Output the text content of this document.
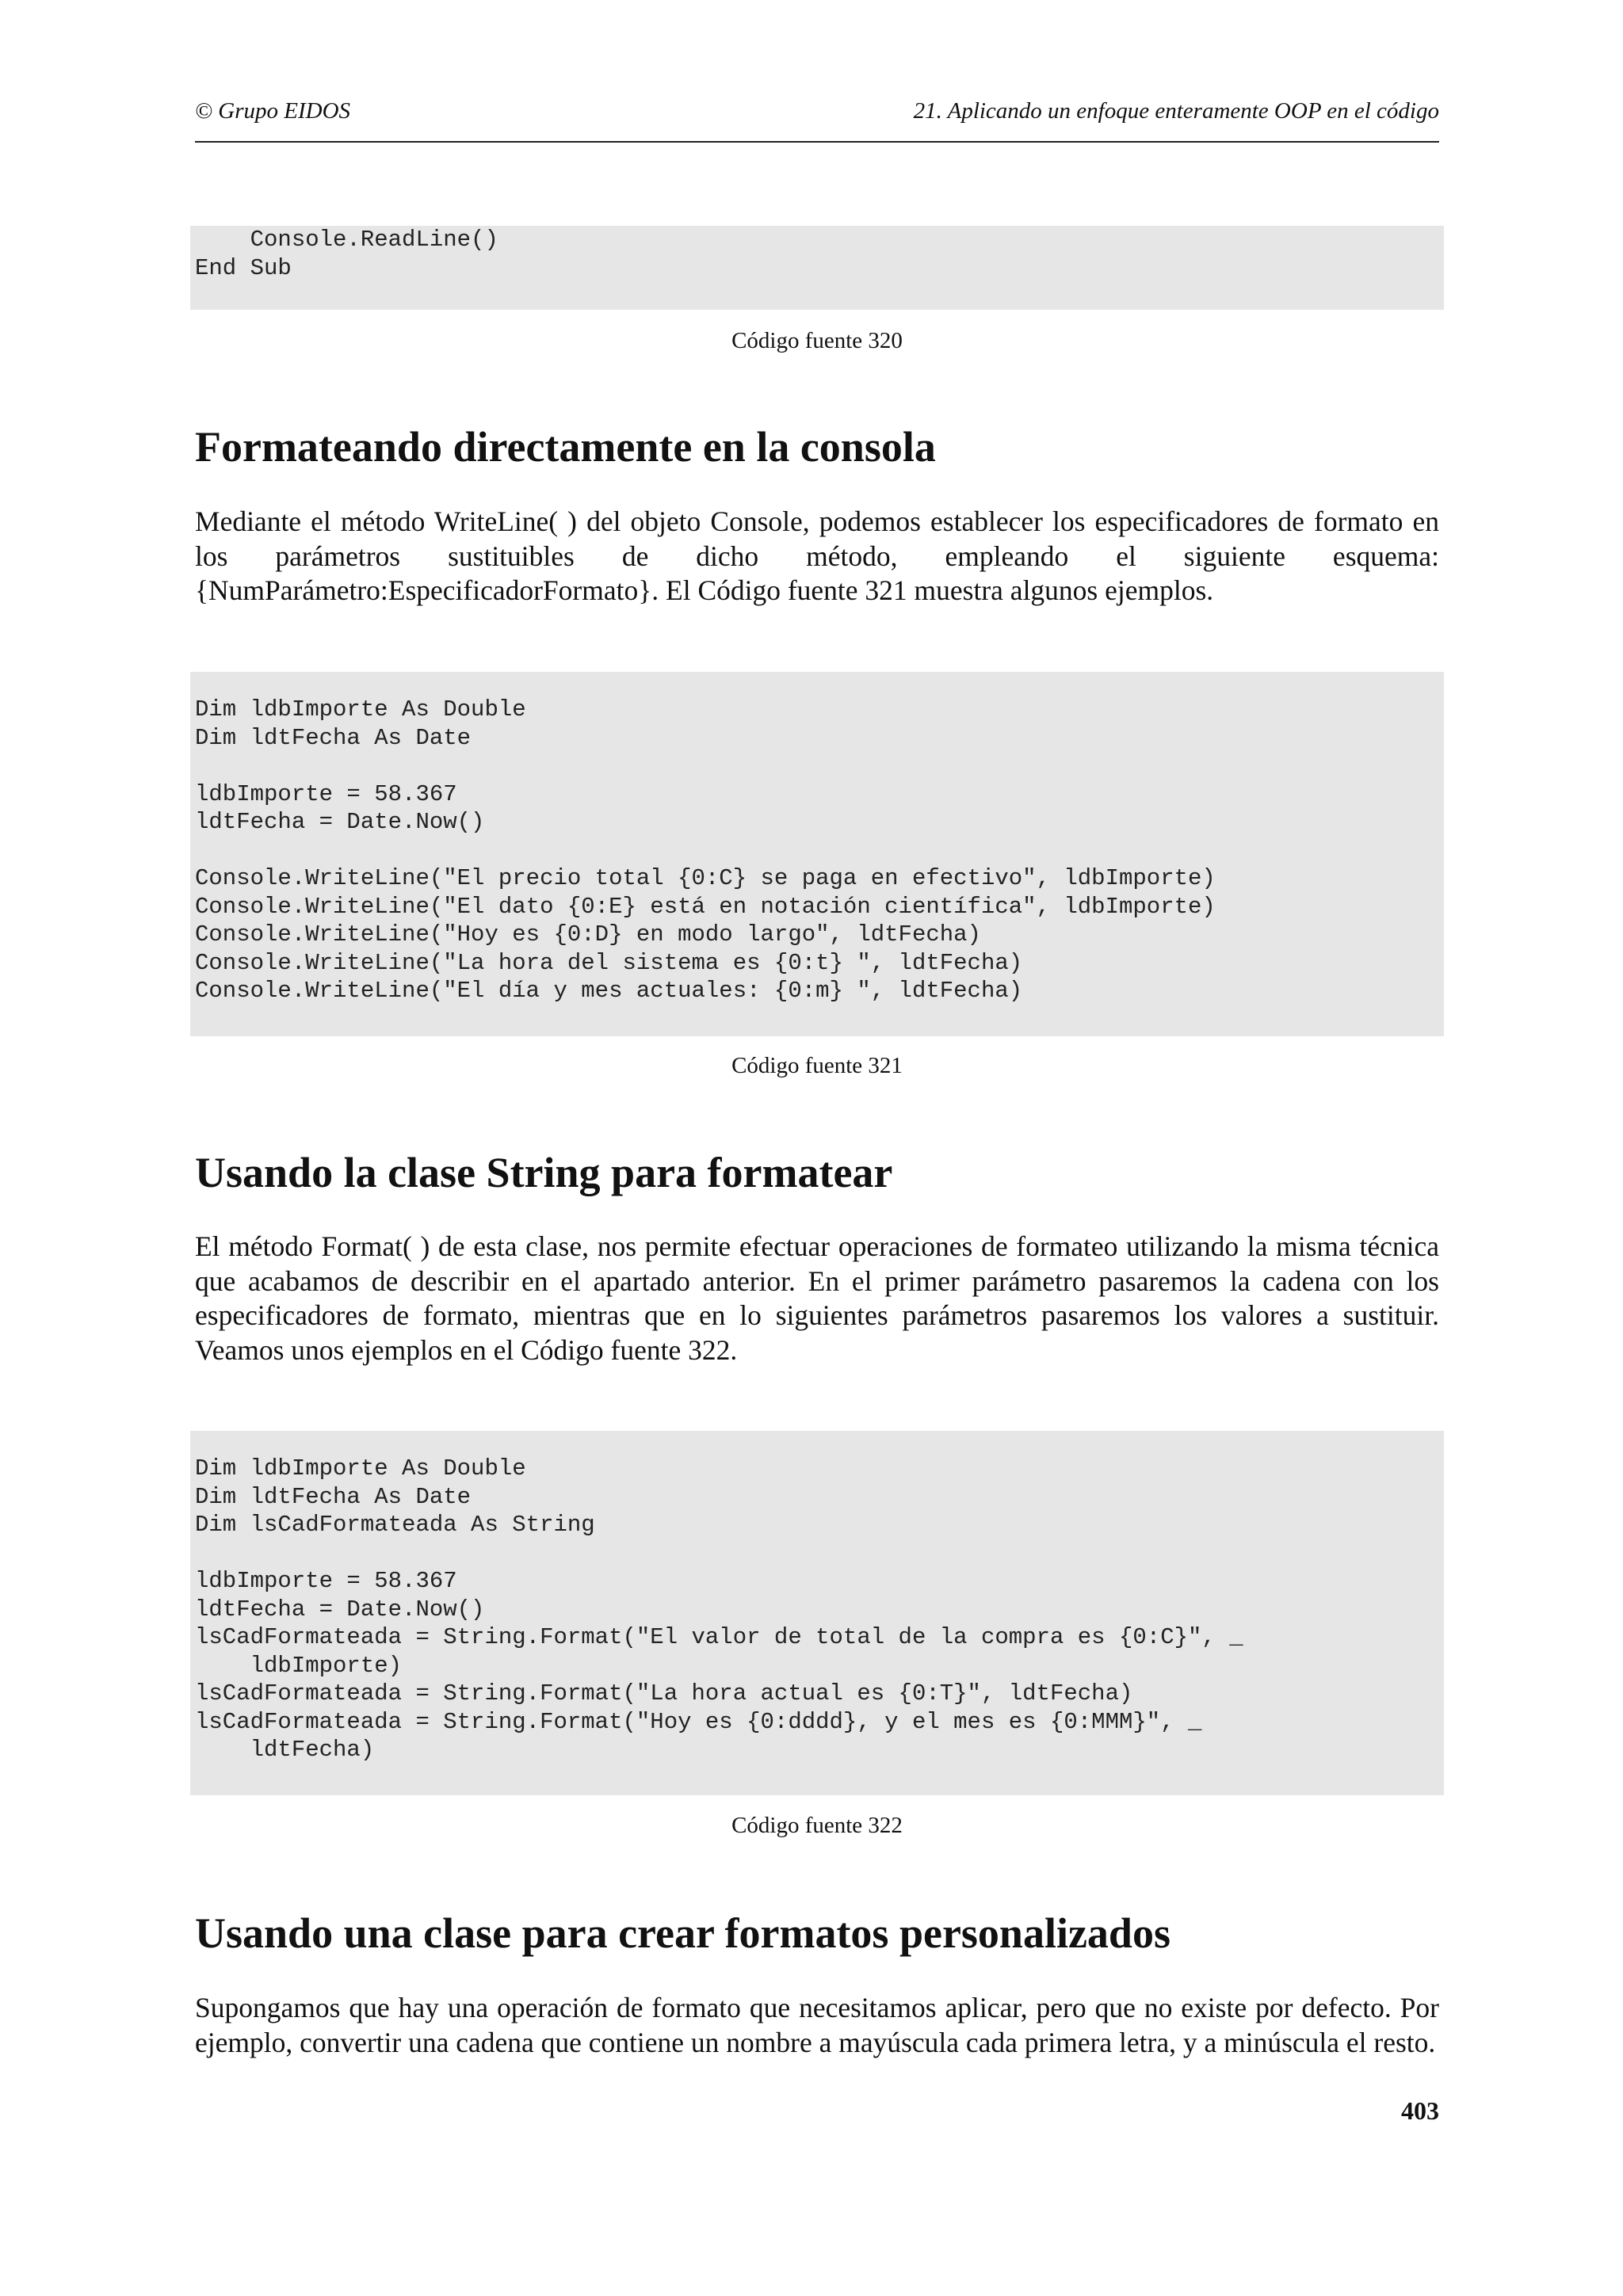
© Grupo EIDOS	21. Aplicando un enfoque enteramente OOP en el código
Console.ReadLine()
End Sub
Código fuente 320
Formateando directamente en la consola

Mediante el método WriteLine( ) del objeto Console, podemos establecer los especificadores de formato en los parámetros sustituibles de dicho método, empleando el siguiente esquema: {NumParámetro:EspecificadorFormato}. El Código fuente 321 muestra algunos ejemplos.

Dim ldbImporte As Double
Dim ldtFecha As Date

ldbImporte = 58.367
ldtFecha = Date.Now()

Console.WriteLine("El precio total {0:C} se paga en efectivo", ldbImporte)
Console.WriteLine("El dato {0:E} está en notación científica", ldbImporte)
Console.WriteLine("Hoy es {0:D} en modo largo", ldtFecha)
Console.WriteLine("La hora del sistema es {0:t} ", ldtFecha)
Console.WriteLine("El día y mes actuales: {0:m} ", ldtFecha)
Código fuente 321
Usando la clase String para formatear

El método Format( ) de esta clase, nos permite efectuar operaciones de formateo utilizando la misma técnica que acabamos de describir en el apartado anterior. En el primer parámetro pasaremos la cadena con los especificadores de formato, mientras que en lo siguientes parámetros pasaremos los valores a sustituir. Veamos unos ejemplos en el Código fuente 322.

Dim ldbImporte As Double
Dim ldtFecha As Date
Dim lsCadFormateada As String

ldbImporte = 58.367
ldtFecha = Date.Now()
lsCadFormateada = String.Format("El valor de total de la compra es {0:C}", _
ldbImporte)
lsCadFormateada = String.Format("La hora actual es {0:T}", ldtFecha)
lsCadFormateada = String.Format("Hoy es {0:dddd}, y el mes es {0:MMM}", _
ldtFecha)
Código fuente 322
Usando una clase para crear formatos personalizados

Supongamos que hay una operación de formato que necesitamos aplicar, pero que no existe por defecto. Por ejemplo, convertir una cadena que contiene un nombre a mayúscula cada primera letra, y a minúscula el resto.

403
